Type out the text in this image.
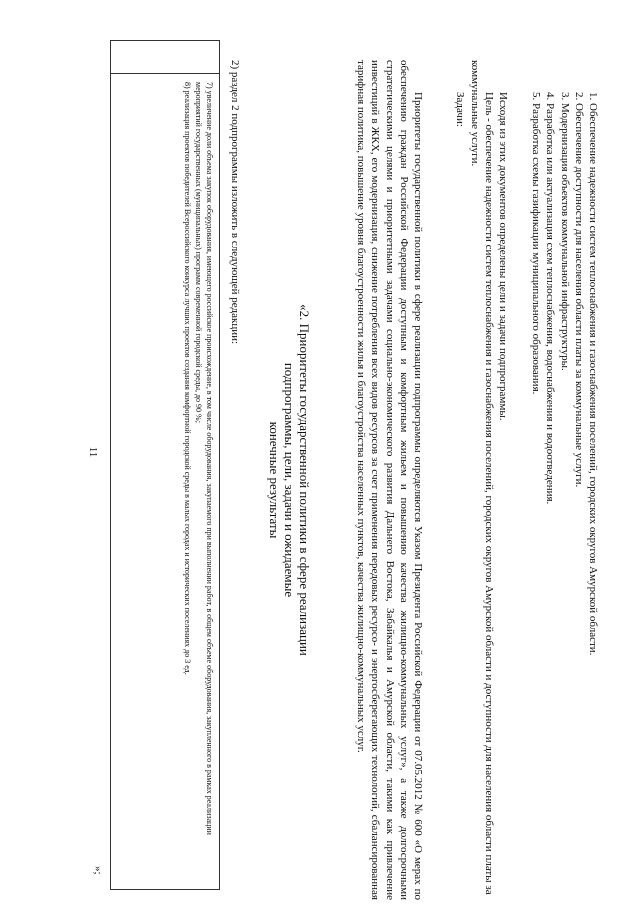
11	7) увеличение доли объема закупок оборудования, имеющего российское происхождение, в том числе оборудования, закупаемого при выполнении работ, в общем объеме оборудования, закупленного в рамках реализации мероприятий государственных (муниципальных) программ современной городской среды, до 90 %;

8) реализация проектов победителей Всероссийского конкурса лучших проектов создания комфортной городской среды в малых городах и исторических поселениях до 3 ед.

»;

2) раздел 2 подпрограммы изложить в следующей редакции:

«2. Приоритеты государственной политики в сфере реализации

подпрограммы, цели, задачи и ожидаемые

конечные результаты	Приоритеты государственной политики в сфере реализации подпрограммы определяются Указом Президента Российской Федерации от 07.05.2012 № 600 «О мерах по обеспечению граждан Российской Федерации доступным и комфортным жильем и повышению качества жилищно-коммунальных услуг», а также долгосрочными стратегическими целями и приоритетными задачами социально-экономического развития Дальнего Востока, Забайкалья и Амурской области, такими как привлечение инвестиций в ЖКХ, его модернизация, снижение потребления всех видов ресурсов за счет применения передовых ресурсо- и энергосберегающих технологий, сбалансированная тарифная политика, повышение уровня благоустроенности жилья и благоустройства населенных пунктов, качества жилищно-коммунальных услуг.	Исходя из этих документов определены цели и задачи подпрограммы.

Цель - обеспечение надежности систем теплоснабжения и газоснабжения поселений, городских округов Амурской области и доступности для населения области платы за коммунальные услуги.

Задачи:	1. Обеспечение надежности систем теплоснабжения и газоснабжения поселений, городских округов Амурской области.

2. Обеспечение доступности для населения области платы за коммунальные услуги.

3. Модернизация объектов коммунальной инфраструктуры.

4. Разработка или актуализация схем теплоснабжения, водоснабжения и водоотведения.

5. Разработка схемы газификации муниципального образования.
